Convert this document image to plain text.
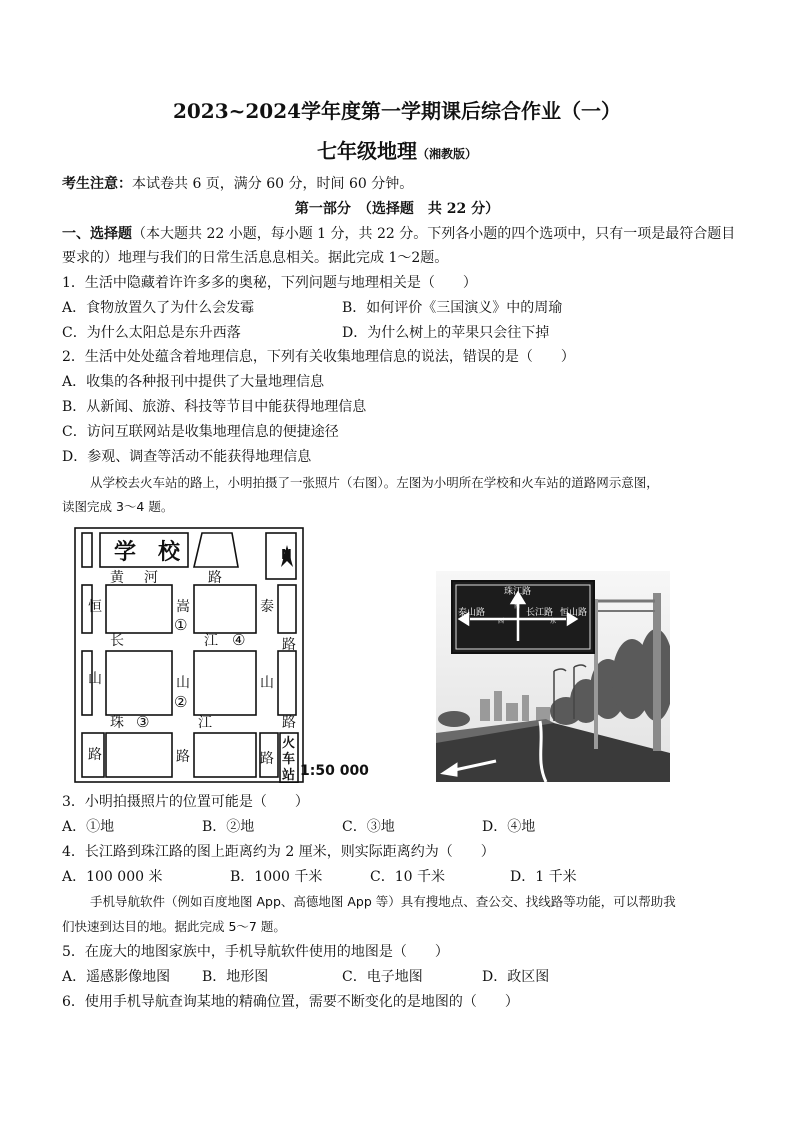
2023~2024学年度第一学期课后综合作业（一）
七年级地理（湘教版）
考生注意：本试卷共 6 页，满分 60 分，时间 60 分钟。
第一部分　（选择题　共 22 分）
一、选择题（本大题共 22 小题，每小题 1 分，共 22 分。下列各小题的四个选项中，只有一项是最符合题目
要求的）地理与我们的日常生活息息相关。据此完成 1～2题。
1．生活中隐藏着许许多多的奥秘，下列问题与地理相关是（　　）
A．食物放置久了为什么会发霉	B．如何评价《三国演义》中的周瑜
C．为什么太阳总是东升西落	D．为什么树上的苹果只会往下掉
2．生活中处处蕴含着地理信息，下列有关收集地理信息的说法，错误的是（　　）
A．收集的各种报刊中提供了大量地理信息
B．从新闻、旅游、科技等节目中能获得地理信息
C．访问互联网站是收集地理信息的便捷途径
D．参观、调查等活动不能获得地理信息
从学校去火车站的路上，小明拍摄了一张照片（右图）。左图为小明所在学校和火车站的道路网示意图，
读图完成 3～4 题。
学　校	N
黄 河	路
长	江	路
珠	江	路
恒
山
路
嵩
山
路
泰
山
路
火
车
站
①
②
③
④
1:50 000
珠江路
南
泰山路	长江路 恒山路
西	东
3．小明拍摄照片的位置可能是（　　）
A．①地	B．②地	C．③地	D．④地
4．长江路到珠江路的图上距离约为 2 厘米，则实际距离约为（　　）
A．100 000 米	B．1000 千米	C．10 千米	D．1 千米
手机导航软件（例如百度地图 App、高德地图 App 等）具有搜地点、查公交、找线路等功能，可以帮助我
们快速到达目的地。据此完成 5～7 题。
5．在庞大的地图家族中，手机导航软件使用的地图是（　　）
A．遥感影像地图 B．地形图	C．电子地图	D．政区图
6．使用手机导航查询某地的精确位置，需要不断变化的是地图的（　　）
